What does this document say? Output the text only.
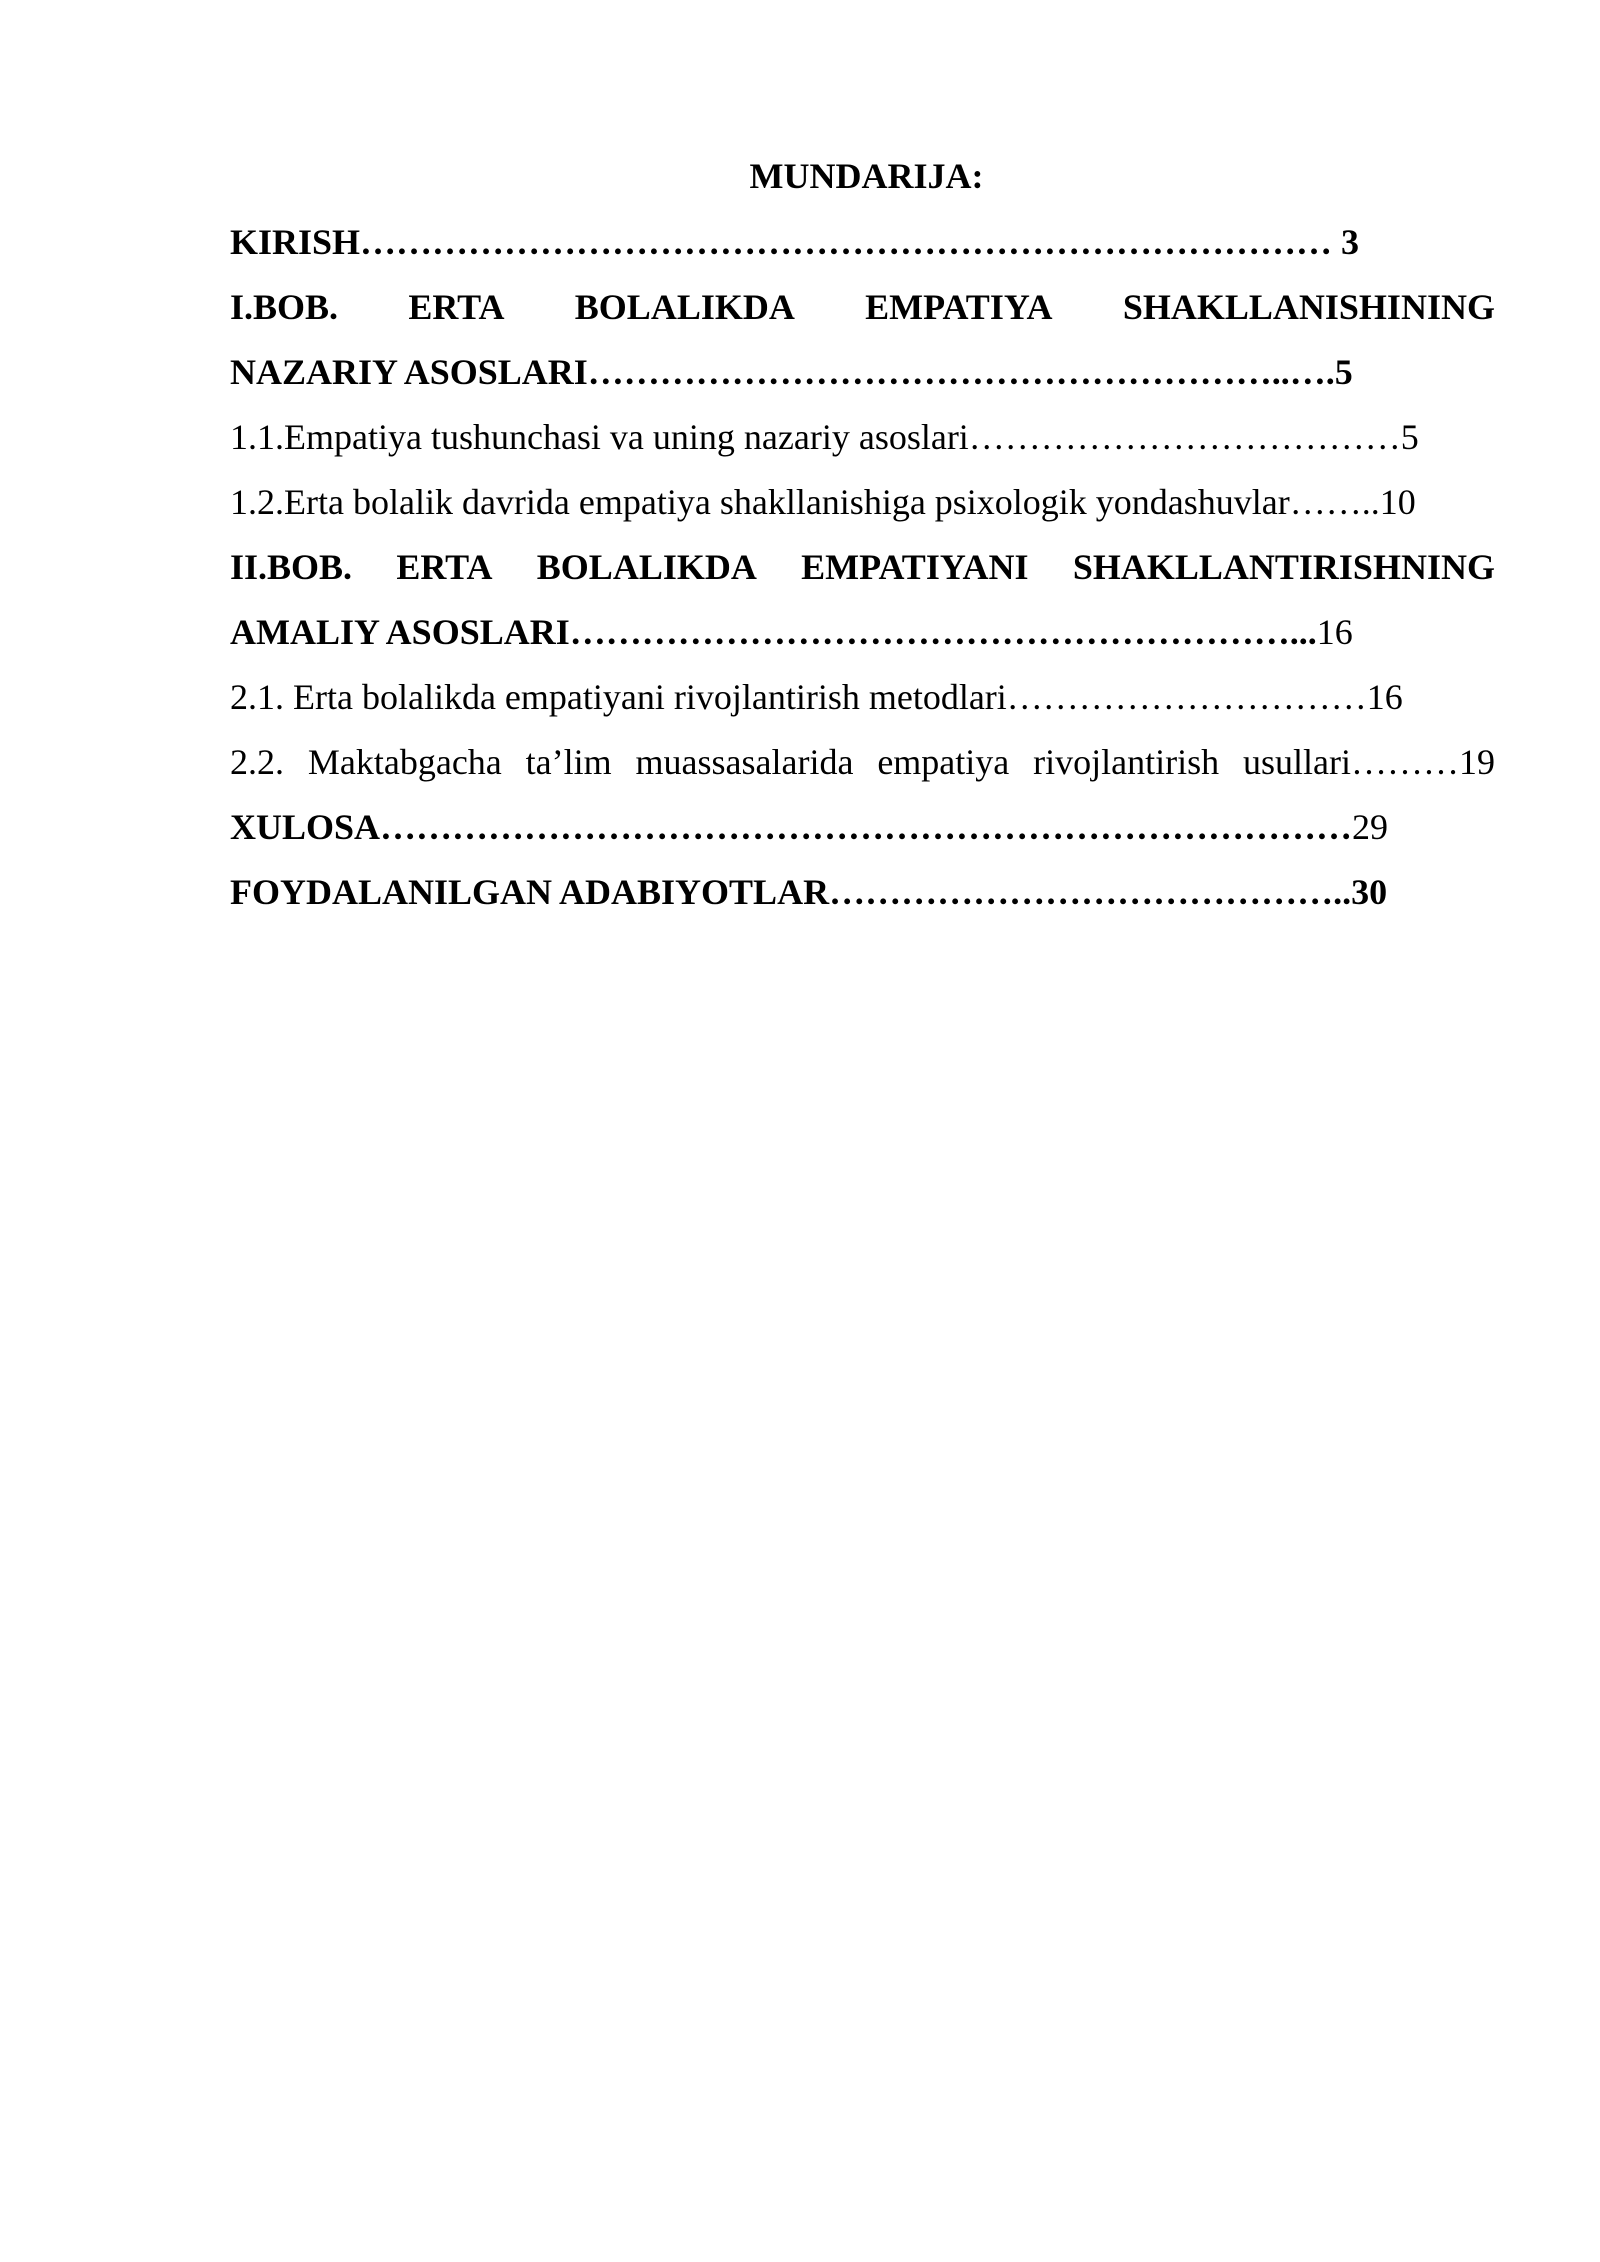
MUNDARIJA:
KIRISH……………………………………………………………………… 3
I.BOB. ERTA BOLALIKDA EMPATIYA SHAKLLANISHINING
NAZARIY ASOSLARI…………………………………………………..….5
1.1.Empatiya tushunchasi va uning nazariy asoslari………………………………5
1.2.Erta bolalik davrida empatiya shakllanishiga psixologik yondashuvlar……..10
II.BOB. ERTA BOLALIKDA EMPATIYANI SHAKLLANTIRISHNING
AMALIY ASOSLARI……………………………………………………...16
2.1. Erta bolalikda empatiyani rivojlantirish metodlari…………………………16
2.2. Maktabgacha ta’lim muassasalarida empatiya rivojlantirish usullari………19
XULOSA………………………………………………………………………29
FOYDALANILGAN ADABIYOTLAR……………………………………..30
